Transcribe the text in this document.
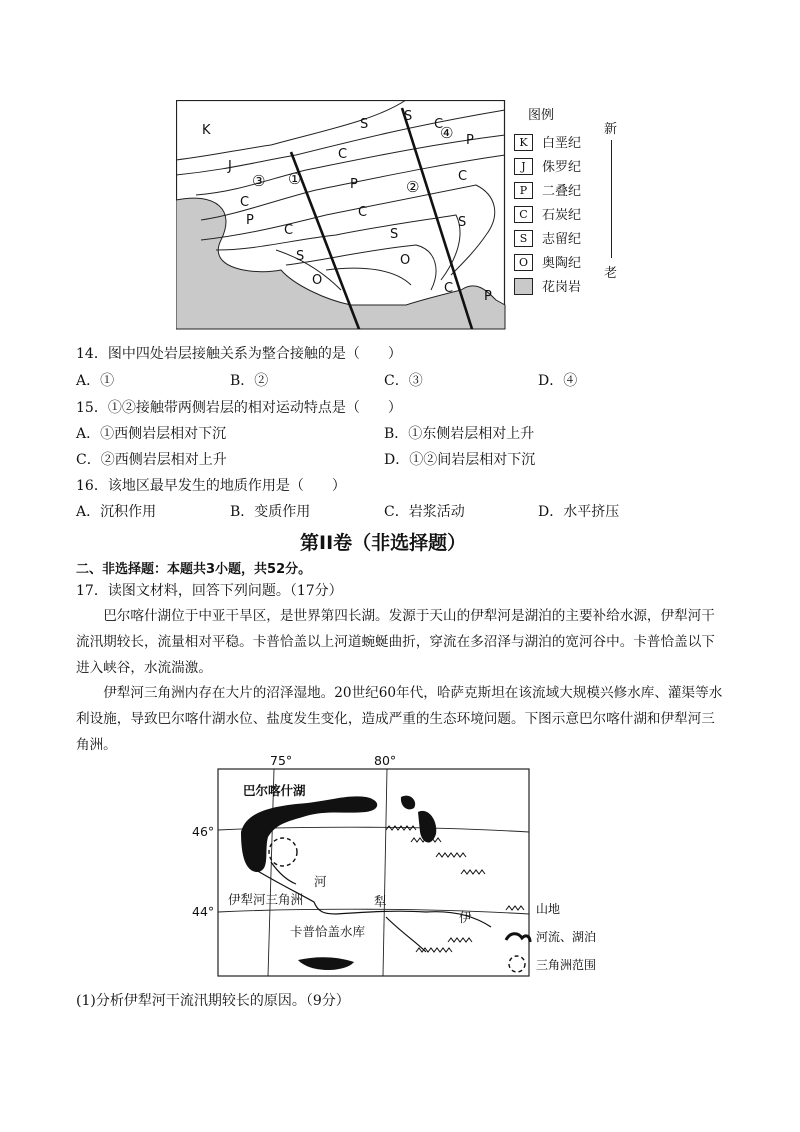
K
J
S
S
C
P
C
P
C
C
P
C
S
C	S
S	O
O
C
P
③ ①	②
④
图例
K	白垩纪
J	侏罗纪
P	二叠纪
C	石炭纪
S	志留纪
O	奥陶纪
花岗岩
新
老
14．图中四处岩层接触关系为整合接触的是（　　）
A．①	B．②	C．③	D．④
15．①②接触带两侧岩层的相对运动特点是（　　）
A．①西侧岩层相对下沉	B．①东侧岩层相对上升
C．②西侧岩层相对上升	D．①②间岩层相对下沉
16．该地区最早发生的地质作用是（　　）
A．沉积作用	B．变质作用	C．岩浆活动	D．水平挤压
第II卷（非选择题）
二、非选择题：本题共3小题，共52分。
17．读图文材料，回答下列问题。（17分）
巴尔喀什湖位于中亚干旱区，是世界第四长湖。发源于天山的伊犁河是湖泊的主要补给水源，伊犁河干流汛期较长，流量相对平稳。卡普恰盖以上河道蜿蜒曲折，穿流在多沼泽与湖泊的宽河谷中。卡普恰盖以下进入峡谷，水流湍激。
伊犁河三角洲内存在大片的沼泽湿地。20世纪60年代，哈萨克斯坦在该流域大规模兴修水库、灌渠等水利设施，导致巴尔喀什湖水位、盐度发生变化，造成严重的生态环境问题。下图示意巴尔喀什湖和伊犁河三角洲。
75°	80°
46°
44°
巴尔喀什湖
河
犁
伊
伊犁河三角洲
卡普恰盖水库
山地
河流、湖泊
三角洲范围
(1)分析伊犁河干流汛期较长的原因。（9分）
